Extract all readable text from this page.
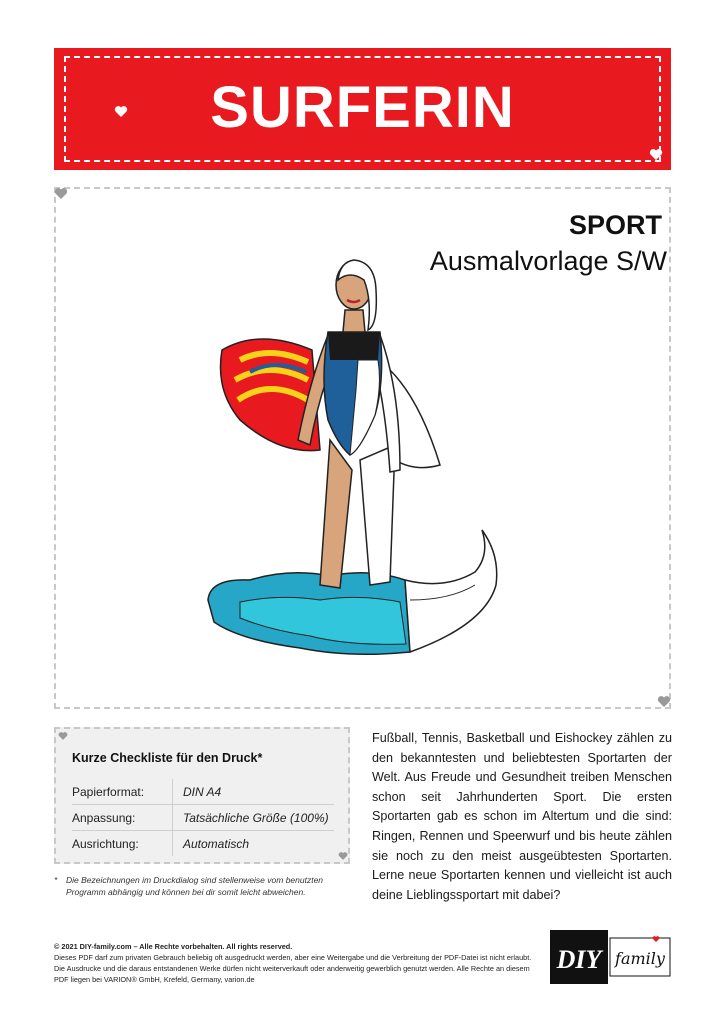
SURFERIN
SPORT
Ausmalvorlage S/W
Kurze Checkliste für den Druck*
Papierformat:	DIN A4
Anpassung:	Tatsächliche Größe (100%)
Ausrichtung:	Automatisch
*	Die Bezeichnungen im Druckdialog sind stellenweise vom benutzten Programm abhängig und können bei dir somit leicht abweichen.
Fußball, Tennis, Basketball und Eishockey zählen zu den bekanntesten und beliebtesten Sportarten der Welt. Aus Freude und Gesundheit treiben Menschen schon seit Jahrhunderten Sport. Die ersten Sportarten gab es schon im Altertum und die sind: Ringen, Rennen und Speerwurf und bis heute zählen sie noch zu den meist ausgeübtesten Sportarten. Lerne neue Sportarten kennen und vielleicht ist auch deine Lieblingssportart mit dabei?
© 2021 DIY-family.com – Alle Rechte vorbehalten. All rights reserved.
Dieses PDF darf zum privaten Gebrauch beliebig oft ausgedruckt werden, aber eine Weitergabe und die Verbreitung der PDF-Datei ist nicht erlaubt. Die Ausdrucke und die daraus entstandenen Werke dürfen nicht weiterverkauft oder anderweitig gewerblich genutzt werden. Alle Rechte an diesem PDF liegen bei VARION® GmbH, Krefeld, Germany, varion.de
DIY family
